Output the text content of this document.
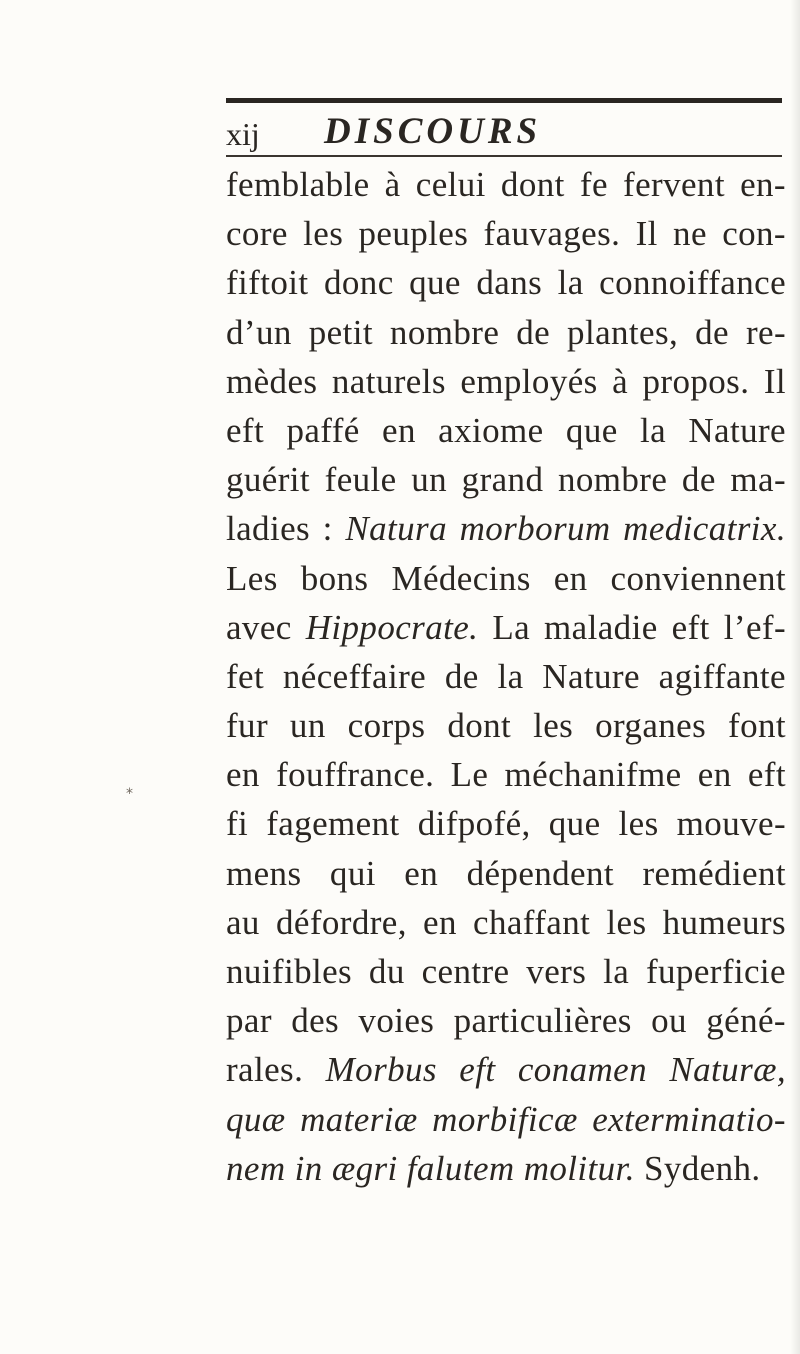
xij DISCOURS
femblable à celui dont fe fervent en-
core les peuples fauvages. Il ne con-
fiftoit donc que dans la connoiffance
d’un petit nombre de plantes, de re-
mèdes naturels employés à propos. Il
eft paffé en axiome que la Nature
guérit feule un grand nombre de ma-
ladies : Natura morborum medicatrix.
Les bons Médecins en conviennent
avec Hippocrate. La maladie eft l’ef-
fet néceffaire de la Nature agiffante
fur un corps dont les organes font
en fouffrance. Le méchanifme en eft
fi fagement difpofé, que les mouve-
mens qui en dépendent remédient
au défordre, en chaffant les humeurs
nuifibles du centre vers la fuperficie
par des voies particulières ou géné-
rales. Morbus eft conamen Naturæ,
quæ materiæ morbificæ exterminatio-
nem in ægri falutem molitur. Sydenh.
*
